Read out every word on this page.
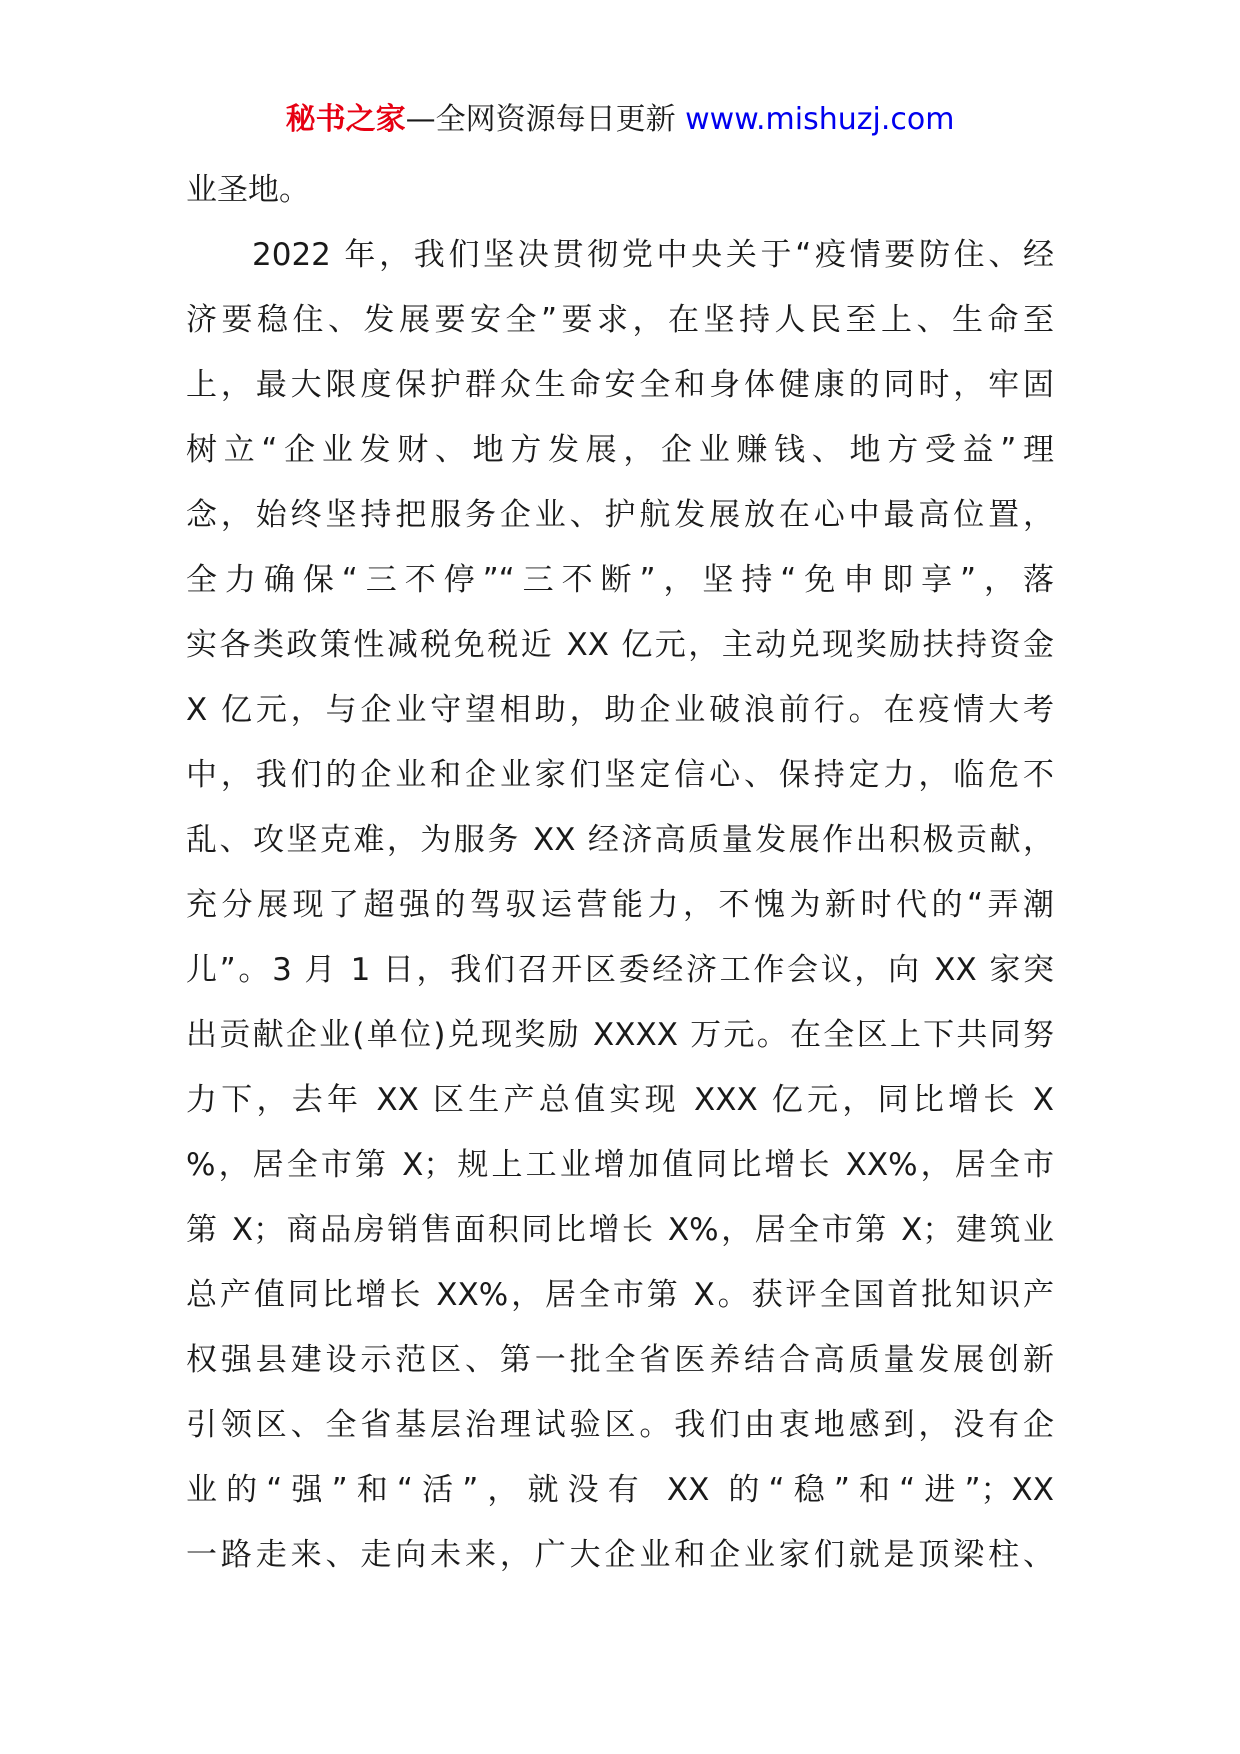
秘书之家—全网资源每日更新 www.mishuzj.com
业圣地。
2022 年，我们坚决贯彻党中央关于“疫情要防住、经
济要稳住、发展要安全”要求，在坚持人民至上、生命至
上，最大限度保护群众生命安全和身体健康的同时，牢固
树立“企业发财、地方发展，企业赚钱、地方受益”理
念，始终坚持把服务企业、护航发展放在心中最高位置，
全力确保“三不停”“三不断”，坚持“免申即享”，落
实各类政策性减税免税近 XX 亿元，主动兑现奖励扶持资金
X 亿元，与企业守望相助，助企业破浪前行。在疫情大考
中，我们的企业和企业家们坚定信心、保持定力，临危不
乱、攻坚克难，为服务 XX 经济高质量发展作出积极贡献，
充分展现了超强的驾驭运营能力，不愧为新时代的“弄潮
儿”。3 月 1 日，我们召开区委经济工作会议，向 XX 家突
出贡献企业(单位)兑现奖励 XXXX 万元。在全区上下共同努
力下，去年 XX 区生产总值实现 XXX 亿元，同比增长 X
%，居全市第 X；规上工业增加值同比增长 XX%，居全市
第 X；商品房销售面积同比增长 X%，居全市第 X；建筑业
总产值同比增长 XX%，居全市第 X。获评全国首批知识产
权强县建设示范区、第一批全省医养结合高质量发展创新
引领区、全省基层治理试验区。我们由衷地感到，没有企
业的“强”和“活”，就没有 XX 的“稳”和“进”；XX
一路走来、走向未来，广大企业和企业家们就是顶梁柱、
